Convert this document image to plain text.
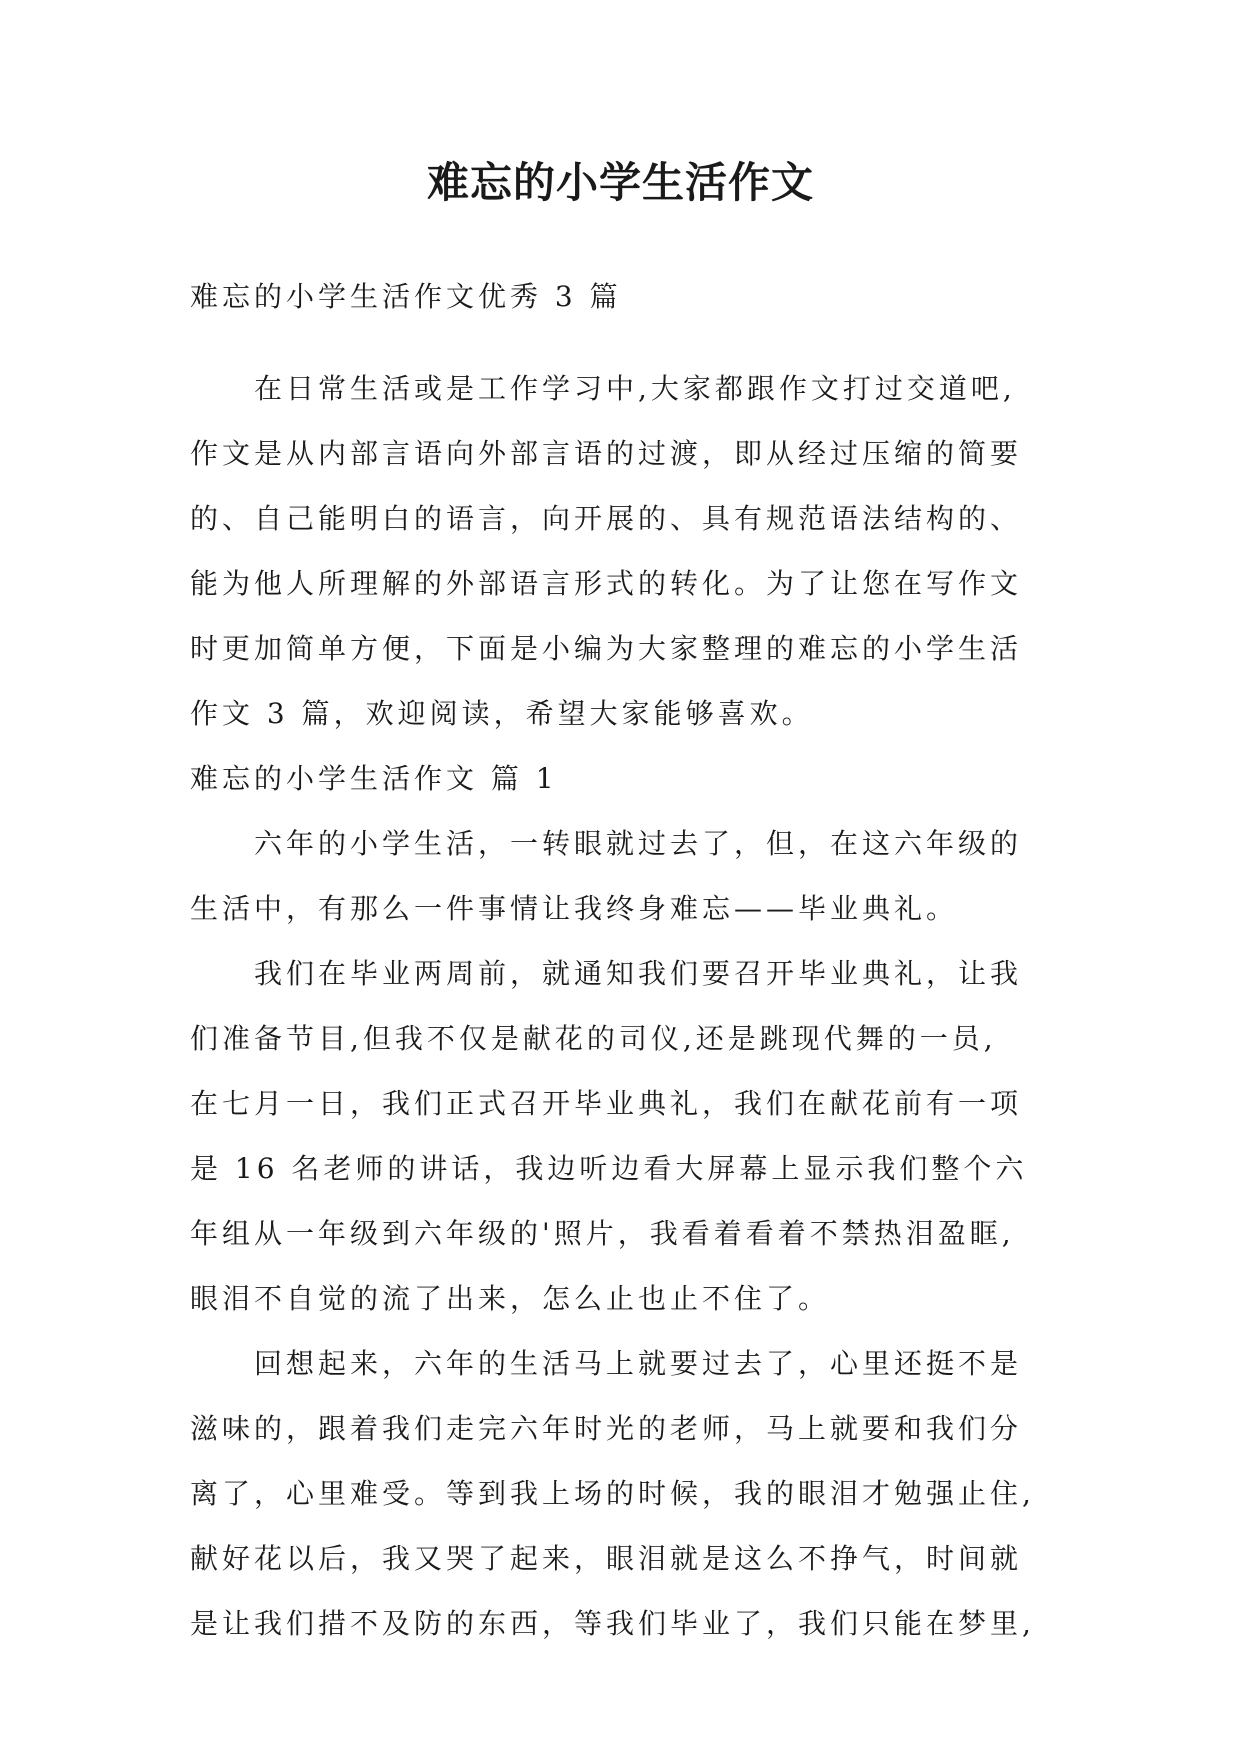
难忘的小学生活作文

难忘的小学生活作文优秀 3 篇

在日常生活或是工作学习中,大家都跟作文打过交道吧,
作文是从内部言语向外部言语的过渡，即从经过压缩的简要
的、自己能明白的语言，向开展的、具有规范语法结构的、
能为他人所理解的外部语言形式的转化。为了让您在写作文
时更加简单方便，下面是小编为大家整理的难忘的小学生活
作文 3 篇，欢迎阅读，希望大家能够喜欢。
难忘的小学生活作文 篇 1
六年的小学生活，一转眼就过去了，但，在这六年级的
生活中，有那么一件事情让我终身难忘——毕业典礼。
我们在毕业两周前，就通知我们要召开毕业典礼，让我
们准备节目,但我不仅是献花的司仪,还是跳现代舞的一员,
在七月一日，我们正式召开毕业典礼，我们在献花前有一项
是 16 名老师的讲话，我边听边看大屏幕上显示我们整个六
年组从一年级到六年级的'照片，我看着看着不禁热泪盈眶,
眼泪不自觉的流了出来，怎么止也止不住了。
回想起来，六年的生活马上就要过去了，心里还挺不是
滋味的，跟着我们走完六年时光的老师，马上就要和我们分
离了，心里难受。等到我上场的时候，我的眼泪才勉强止住,
献好花以后，我又哭了起来，眼泪就是这么不挣气，时间就
是让我们措不及防的东西，等我们毕业了，我们只能在梦里,
